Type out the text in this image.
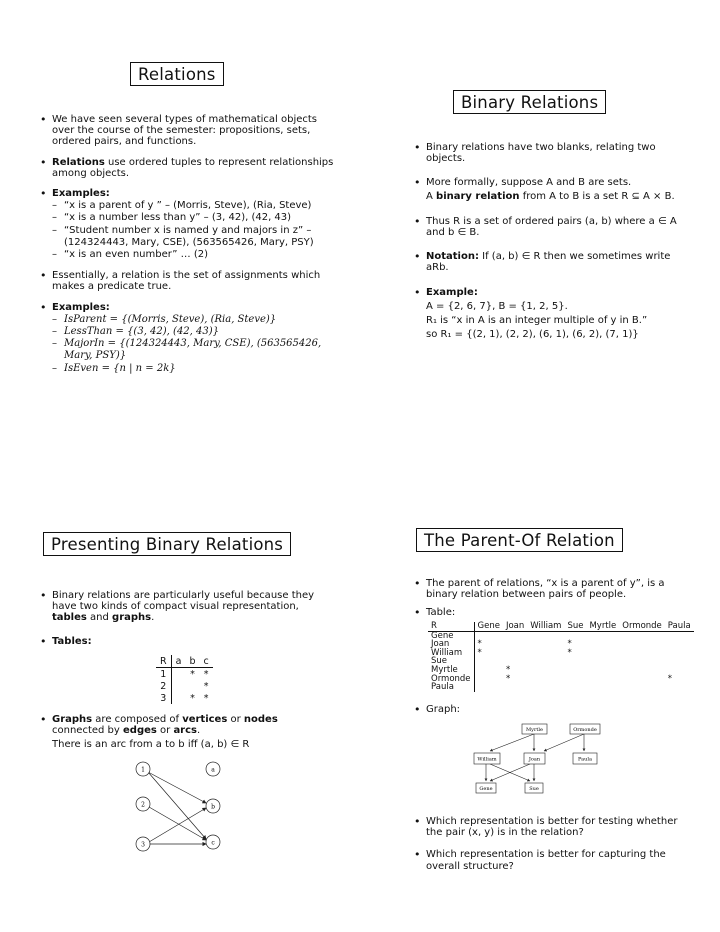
Relations
• We have seen several types of mathematical objects over the course of the semester: propositions, sets, ordered pairs, and functions.
• Relations use ordered tuples to represent relationships among objects.
• Examples:
– “x is a parent of y ” – (Morris, Steve), (Ria, Steve)
– “x is a number less than y” – (3, 42), (42, 43)
– “Student number x is named y and majors in z” – (124324443, Mary, CSE), (563565426, Mary, PSY)
– “x is an even number” … (2)
• Essentially, a relation is the set of assignments which makes a predicate true.
• Examples:
– IsParent = {(Morris, Steve), (Ria, Steve)}
– LessThan = {(3, 42), (42, 43)}
– MajorIn = {(124324443, Mary, CSE), (563565426, Mary, PSY)}
– IsEven = {n | n = 2k}
Binary Relations
• Binary relations have two blanks, relating two objects.
• More formally, suppose A and B are sets.
A binary relation from A to B is a set R ⊆ A × B.
• Thus R is a set of ordered pairs (a, b) where a ∈ A and b ∈ B.
• Notation: If (a, b) ∈ R then we sometimes write aRb.
• Example:
A = {2, 6, 7}, B = {1, 2, 5}.
R₁ is “x in A is an integer multiple of y in B.”
so R₁ = {(2, 1), (2, 2), (6, 1), (6, 2), (7, 1)}
Presenting Binary Relations
• Binary relations are particularly useful because they have two kinds of compact visual representation, tables and graphs.
• Tables:
R	a	b	c
1		*	*
2			*
3		*	*
• Graphs are composed of vertices or nodes connected by edges or arcs.
There is an arc from a to b iff (a, b) ∈ R
1	a
2	b
3	c
The Parent-Of Relation
• The parent of relations, “x is a parent of y”, is a binary relation between pairs of people.
• Table:
R	Gene	Joan	William	Sue	Myrtle	Ormonde	Paula
Gene							
Joan	*			*			
William	*			*			
Sue							
Myrtle		*					
Ormonde		*					*
Paula							
• Graph:
Myrtle	Ormonde
William	Joan	Paula
Gene	Sue
• Which representation is better for testing whether the pair (x, y) is in the relation?
• Which representation is better for capturing the overall structure?
